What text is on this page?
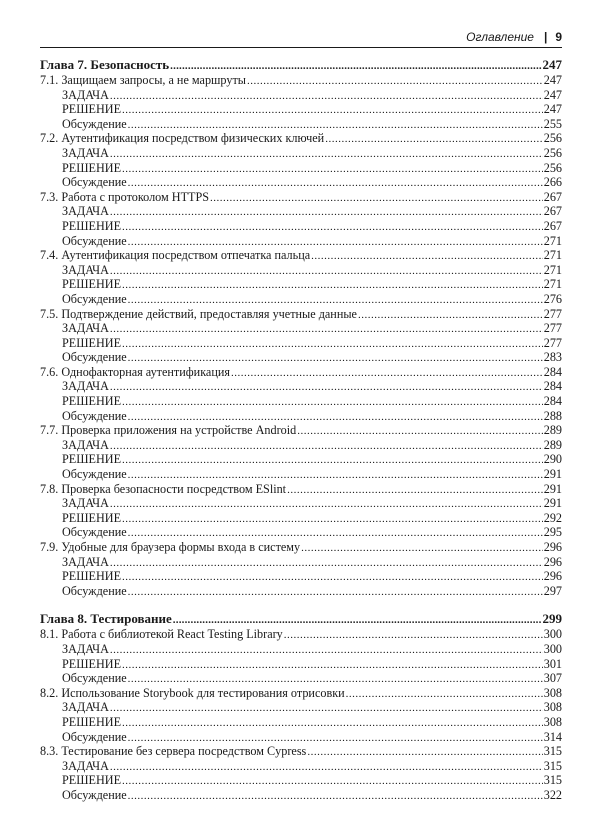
Оглавление | 9
Глава 7. Безопасность .....	247
7.1. Защищаем запросы, а не маршруты .....	247
ЗАДАЧА .....	247
РЕШЕНИЕ .....	247
Обсуждение .....	255
7.2. Аутентификация посредством физических ключей .....	256
ЗАДАЧА .....	256
РЕШЕНИЕ .....	256
Обсуждение .....	266
7.3. Работа с протоколом HTTPS .....	267
ЗАДАЧА .....	267
РЕШЕНИЕ .....	267
Обсуждение .....	271
7.4. Аутентификация посредством отпечатка пальца .....	271
ЗАДАЧА .....	271
РЕШЕНИЕ .....	271
Обсуждение .....	276
7.5. Подтверждение действий, предоставляя учетные данные .....	277
ЗАДАЧА .....	277
РЕШЕНИЕ .....	277
Обсуждение .....	283
7.6. Однофакторная аутентификация .....	284
ЗАДАЧА .....	284
РЕШЕНИЕ .....	284
Обсуждение .....	288
7.7. Проверка приложения на устройстве Android .....	289
ЗАДАЧА .....	289
РЕШЕНИЕ .....	290
Обсуждение .....	291
7.8. Проверка безопасности посредством ESlint .....	291
ЗАДАЧА .....	291
РЕШЕНИЕ .....	292
Обсуждение .....	295
7.9. Удобные для браузера формы входа в систему .....	296
ЗАДАЧА .....	296
РЕШЕНИЕ .....	296
Обсуждение .....	297
Глава 8. Тестирование .....	299
8.1. Работа с библиотекой React Testing Library .....	300
ЗАДАЧА .....	300
РЕШЕНИЕ .....	301
Обсуждение .....	307
8.2. Использование Storybook для тестирования отрисовки .....	308
ЗАДАЧА .....	308
РЕШЕНИЕ .....	308
Обсуждение .....	314
8.3. Тестирование без сервера посредством Cypress .....	315
ЗАДАЧА .....	315
РЕШЕНИЕ .....	315
Обсуждение .....	322
